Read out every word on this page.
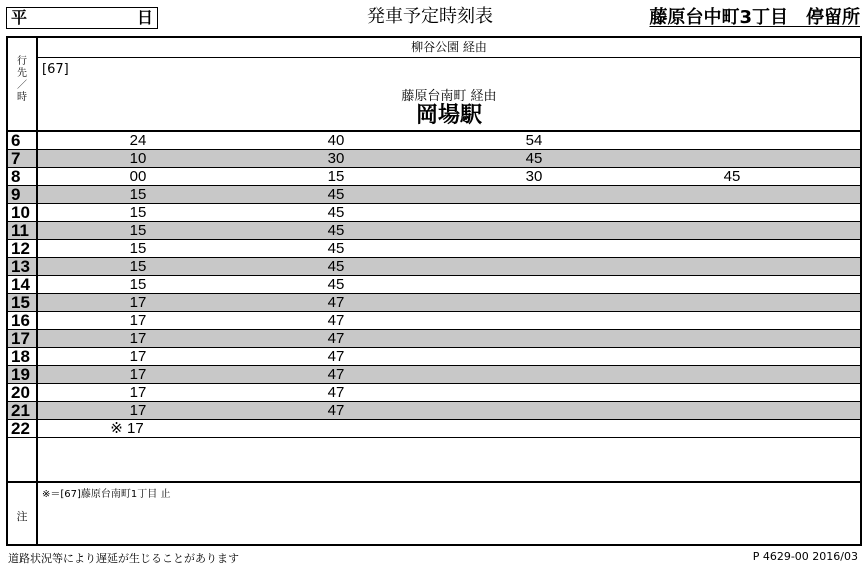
平	日	発車予定時刻表	藤原台中町3丁目　停留所
柳谷公園 経由
行
先
／
時
[67]
藤原台南町 経由
岡場駅
6	24	40	54
7	10	30	45
8	00	15	30	45
9	15	45
10	15	45
11	15	45
12	15	45
13	15	45
14	15	45
15	17	47
16	17	47
17	17	47
18	17	47
19	17	47
20	17	47
21	17	47
22	※ 17
※＝[67]藤原台南町1丁目 止
注
道路状況等により遅延が生じることがあります	P 4629-00 2016/03
